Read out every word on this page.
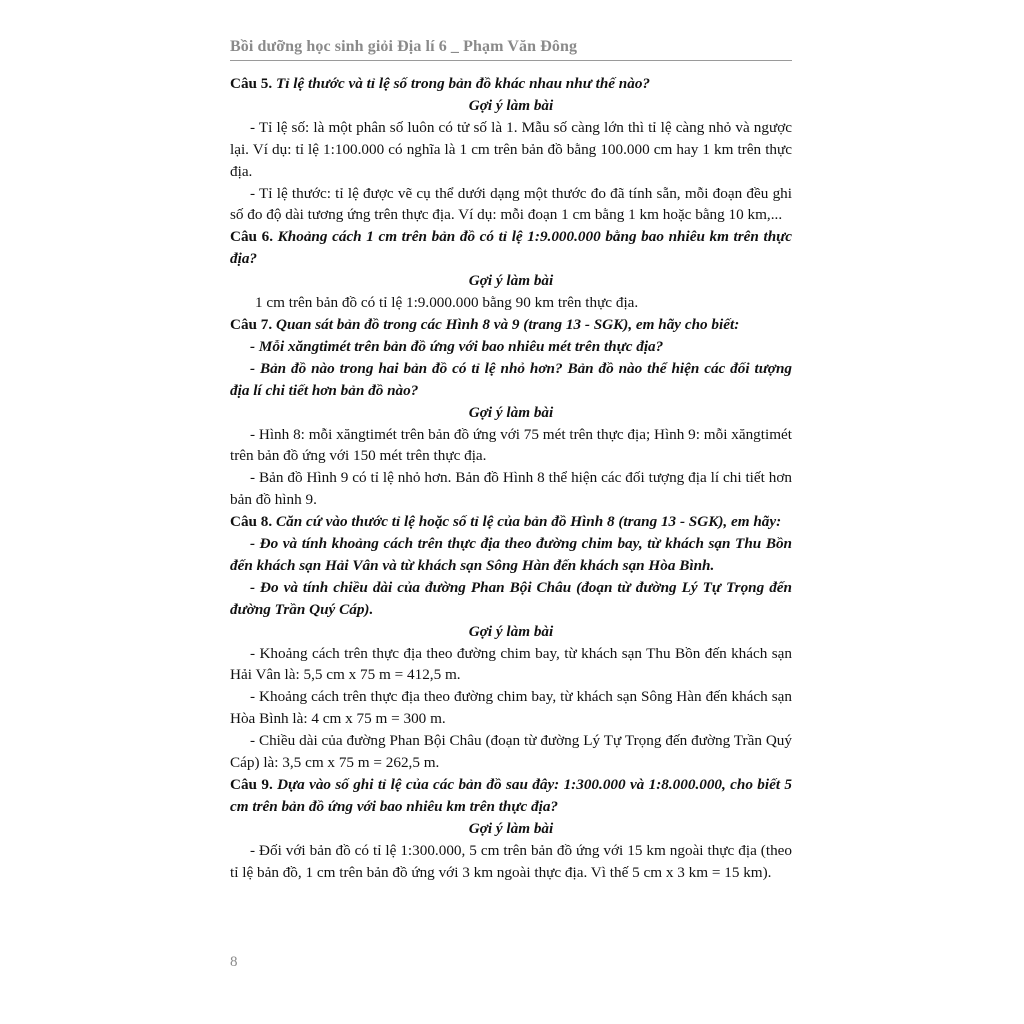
Bồi dưỡng học sinh giỏi Địa lí 6 _ Phạm Văn Đông

Câu 5. Tỉ lệ thước và tỉ lệ số trong bản đồ khác nhau như thế nào?

Gợi ý làm bài

- Tỉ lệ số: là một phân số luôn có tử số là 1. Mẫu số càng lớn thì tỉ lệ càng nhỏ và ngược lại. Ví dụ: tỉ lệ 1:100.000 có nghĩa là 1 cm trên bản đồ bằng 100.000 cm hay 1 km trên thực địa.

- Tỉ lệ thước: tỉ lệ được vẽ cụ thể dưới dạng một thước đo đã tính sẵn, mỗi đoạn đều ghi số đo độ dài tương ứng trên thực địa. Ví dụ: mỗi đoạn 1 cm bằng 1 km hoặc bằng 10 km,...

Câu 6. Khoảng cách 1 cm trên bản đồ có tỉ lệ 1:9.000.000 bằng bao nhiêu km trên thực địa?

Gợi ý làm bài

1 cm trên bản đồ có tỉ lệ 1:9.000.000 bằng 90 km trên thực địa.

Câu 7. Quan sát bản đồ trong các Hình 8 và 9 (trang 13 - SGK), em hãy cho biết:

- Mỗi xăngtimét trên bản đồ ứng với bao nhiêu mét trên thực địa?

- Bản đồ nào trong hai bản đồ có tỉ lệ nhỏ hơn? Bản đồ nào thể hiện các đối tượng địa lí chi tiết hơn bản đồ nào?

Gợi ý làm bài

- Hình 8: mỗi xăngtimét trên bản đồ ứng với 75 mét trên thực địa; Hình 9: mỗi xăngtimét trên bản đồ ứng với 150 mét trên thực địa.

- Bản đồ Hình 9 có tỉ lệ nhỏ hơn. Bản đồ Hình 8 thể hiện các đối tượng địa lí chi tiết hơn bản đồ hình 9.

Câu 8. Căn cứ vào thước tỉ lệ hoặc số tỉ lệ của bản đồ Hình 8 (trang 13 - SGK), em hãy:

- Đo và tính khoảng cách trên thực địa theo đường chim bay, từ khách sạn Thu Bồn đến khách sạn Hải Vân và từ khách sạn Sông Hàn đến khách sạn Hòa Bình.

- Đo và tính chiều dài của đường Phan Bội Châu (đoạn từ đường Lý Tự Trọng đến đường Trần Quý Cáp).

Gợi ý làm bài

- Khoảng cách trên thực địa theo đường chim bay, từ khách sạn Thu Bồn đến khách sạn Hải Vân là: 5,5 cm x 75 m = 412,5 m.

- Khoảng cách trên thực địa theo đường chim bay, từ khách sạn Sông Hàn đến khách sạn Hòa Bình là: 4 cm x 75 m = 300 m.

- Chiều dài của đường Phan Bội Châu (đoạn từ đường Lý Tự Trọng đến đường Trần Quý Cáp) là: 3,5 cm x 75 m = 262,5 m.

Câu 9. Dựa vào số ghi tỉ lệ của các bản đồ sau đây: 1:300.000 và 1:8.000.000, cho biết 5 cm trên bản đồ ứng với bao nhiêu km trên thực địa?

Gợi ý làm bài

- Đối với bản đồ có tỉ lệ 1:300.000, 5 cm trên bản đồ ứng với 15 km ngoài thực địa (theo tỉ lệ bản đồ, 1 cm trên bản đồ ứng với 3 km ngoài thực địa. Vì thế 5 cm x 3 km = 15 km).

8
